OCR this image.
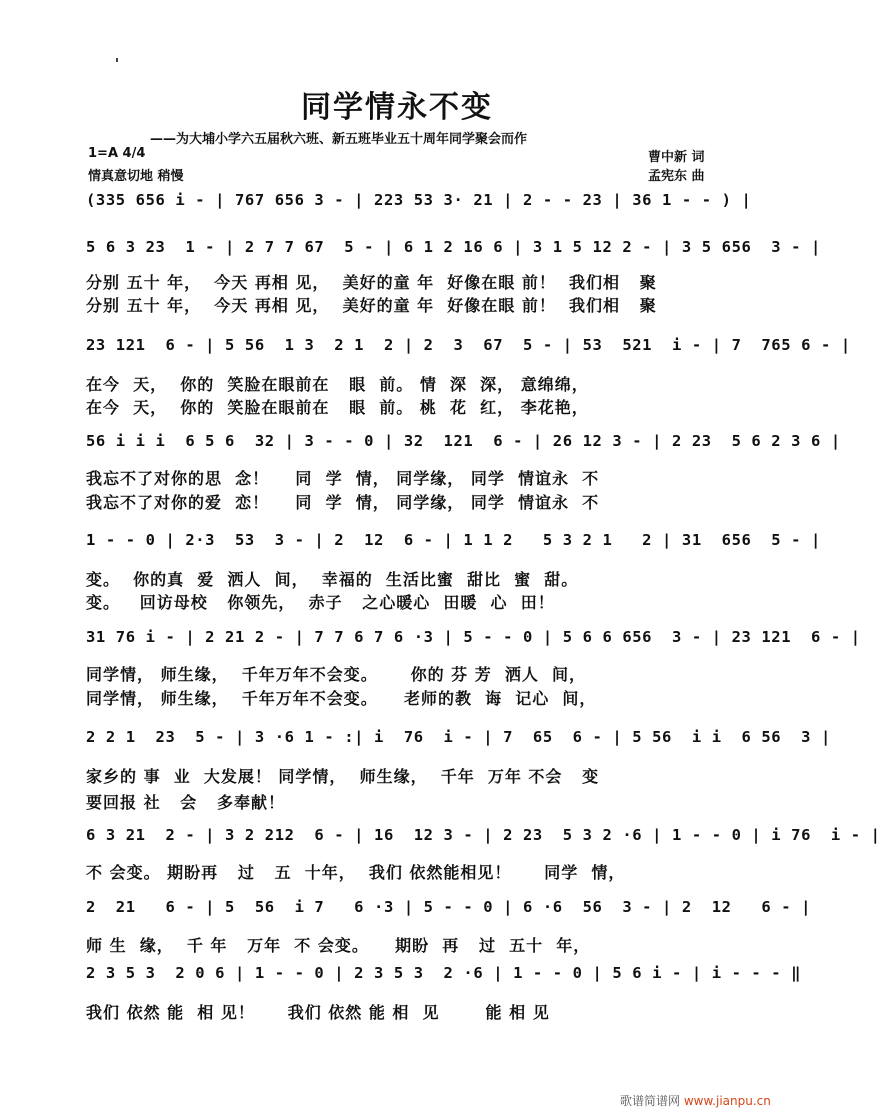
同学情永不变
——为大埔小学六五届秋六班、新五班毕业五十周年同学聚会而作
1=A 4/4
情真意切地 稍慢
曹中新 词
孟宪东 曲
(335 656 i - | 767 656 3 - | 223 53 3· 21 | 2 - - 23 | 36 1 - - ) |
5 6 3 23  1 - | 2 7 7 67  5 - | 6 1 2 16 6 | 3 1 5 12 2 - | 3 5 656  3 - |
分别 五十 年，  今天 再相 见，  美好的童 年  好像在眼 前！  我们相   聚
分别 五十 年，  今天 再相 见，  美好的童 年  好像在眼 前！  我们相   聚
23 121  6 - | 5 56  1 3  2 1  2 | 2  3  67  5 - | 53  521  i - | 7  765 6 - |
在今  天，  你的  笑脸在眼前在   眼  前。 情  深  深， 意绵绵，
在今  天，  你的  笑脸在眼前在   眼  前。 桃  花  红， 李花艳，
56 i i i  6 5 6  32 | 3 - - 0 | 32  121  6 - | 26 12 3 - | 2 23  5 6 2 3 6 |
我忘不了对你的思  念！    同  学  情， 同学缘， 同学  情谊永  不
我忘不了对你的爱  恋！    同  学  情， 同学缘， 同学  情谊永  不
1 - - 0 | 2·3  53  3 - | 2  12  6 - | 1 1 2   5 3 2 1   2 | 31  656  5 - |
变。  你的真  爱  洒人  间，  幸福的  生活比蜜  甜比  蜜  甜。
变。   回访母校   你领先，  赤子   之心暖心  田暖  心  田！
31 76 i - | 2 21 2 - | 7 7 6 7 6 ·3 | 5 - - 0 | 5 6 6 656  3 - | 23 121  6 - |
同学情， 师生缘，  千年万年不会变。     你的 芬 芳  洒人  间，
同学情， 师生缘，  千年万年不会变。    老师的教  诲  记心  间，
2 2 1  23  5 - | 3 ·6 1 - :| i  76  i - | 7  65  6 - | 5 56  i i  6 56  3 |
家乡的 事  业  大发展！ 同学情，  师生缘，  千年  万年 不会   变
要回报 社   会   多奉献！
6 3 21  2 - | 3 2 212  6 - | 16  12 3 - | 2 23  5 3 2 ·6 | 1 - - 0 | i 76  i - |
不 会变。 期盼再   过   五  十年，  我们 依然能相见！     同学  情，
2  21   6 - | 5  56  i 7   6 ·3 | 5 - - 0 | 6 ·6  56  3 - | 2  12   6 - |
师 生  缘，  千 年   万年  不 会变。    期盼  再   过  五十  年，
2 3 5 3  2 0 6 | 1 - - 0 | 2 3 5 3  2 ·6 | 1 - - 0 | 5 6 i - | i - - - ‖
我们 依然 能  相 见！     我们 依然 能 相  见       能 相 见
歌谱简谱网 www.jianpu.cn
